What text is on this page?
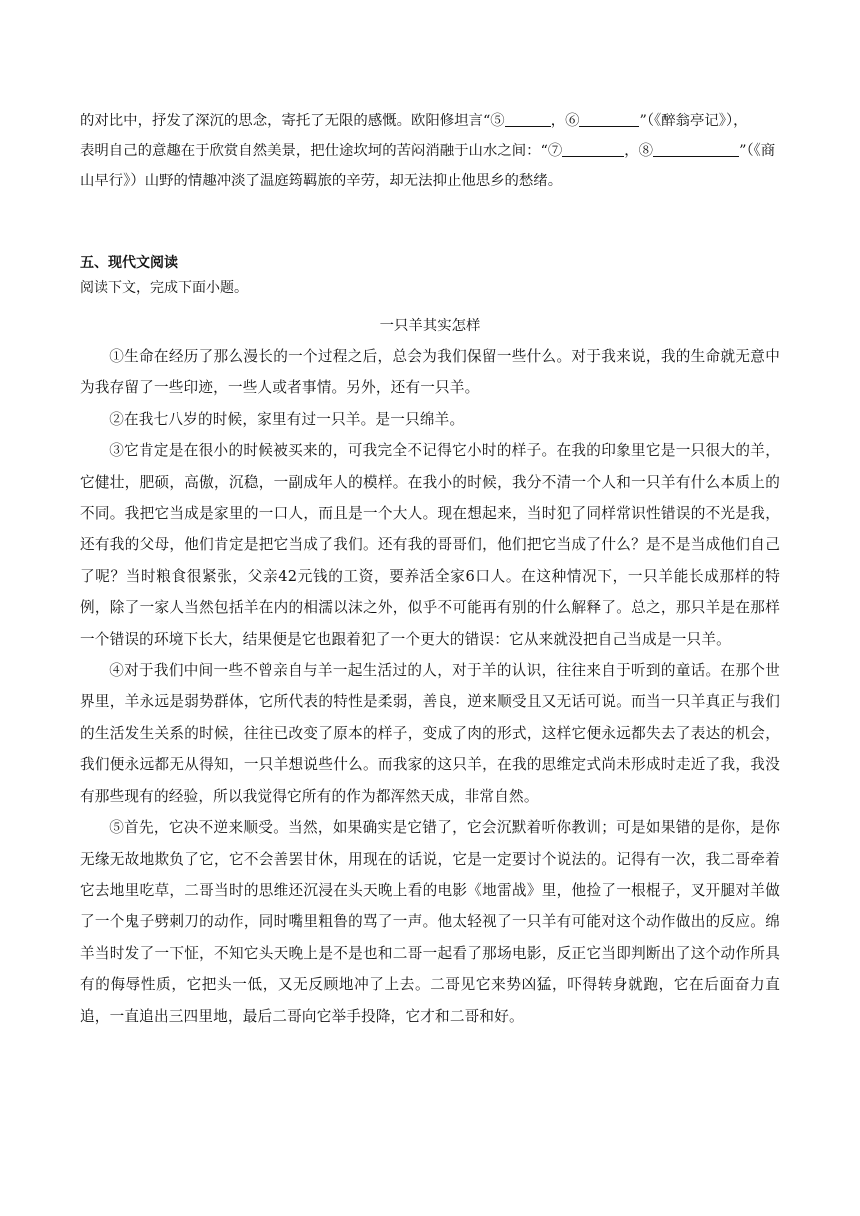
的对比中，抒发了深沉的思念，寄托了无限的感慨。欧阳修坦言“⑤	，⑥	”（《醉翁亭记》），
表明自己的意趣在于欣赏自然美景，把仕途坎坷的苦闷消融于山水之间：“⑦	，⑧	”（《商
山早行》）山野的情趣冲淡了温庭筠羁旅的辛劳，却无法抑止他思乡的愁绪。

五、现代文阅读

阅读下文，完成下面小题。

一只羊其实怎样

①生命在经历了那么漫长的一个过程之后，总会为我们保留一些什么。对于我来说，我的生命就无意中为我存留了一些印迹，一些人或者事情。另外，还有一只羊。

②在我七八岁的时候，家里有过一只羊。是一只绵羊。

③它肯定是在很小的时候被买来的，可我完全不记得它小时的样子。在我的印象里它是一只很大的羊，它健壮，肥硕，高傲，沉稳，一副成年人的模样。在我小的时候，我分不清一个人和一只羊有什么本质上的不同。我把它当成是家里的一口人，而且是一个大人。现在想起来，当时犯了同样常识性错误的不光是我，还有我的父母，他们肯定是把它当成了我们。还有我的哥哥们，他们把它当成了什么？是不是当成他们自己了呢？当时粮食很紧张，父亲42元钱的工资，要养活全家6口人。在这种情况下，一只羊能长成那样的特例，除了一家人当然包括羊在内的相濡以沫之外，似乎不可能再有别的什么解释了。总之，那只羊是在那样一个错误的环境下长大，结果便是它也跟着犯了一个更大的错误：它从来就没把自己当成是一只羊。

④对于我们中间一些不曾亲自与羊一起生活过的人，对于羊的认识，往往来自于听到的童话。在那个世界里，羊永远是弱势群体，它所代表的特性是柔弱，善良，逆来顺受且又无话可说。而当一只羊真正与我们的生活发生关系的时候，往往已改变了原本的样子，变成了肉的形式，这样它便永远都失去了表达的机会，我们便永远都无从得知，一只羊想说些什么。而我家的这只羊，在我的思维定式尚未形成时走近了我，我没有那些现有的经验，所以我觉得它所有的作为都浑然天成，非常自然。

⑤首先，它决不逆来顺受。当然，如果确实是它错了，它会沉默着听你教训；可是如果错的是你，是你无缘无故地欺负了它，它不会善罢甘休，用现在的话说，它是一定要讨个说法的。记得有一次，我二哥牵着它去地里吃草，二哥当时的思维还沉浸在头天晚上看的电影《地雷战》里，他捡了一根棍子，叉开腿对羊做了一个鬼子劈刺刀的动作，同时嘴里粗鲁的骂了一声。他太轻视了一只羊有可能对这个动作做出的反应。绵羊当时发了一下怔，不知它头天晚上是不是也和二哥一起看了那场电影，反正它当即判断出了这个动作所具有的侮辱性质，它把头一低，又无反顾地冲了上去。二哥见它来势凶猛，吓得转身就跑，它在后面奋力直追，一直追出三四里地，最后二哥向它举手投降，它才和二哥和好。
